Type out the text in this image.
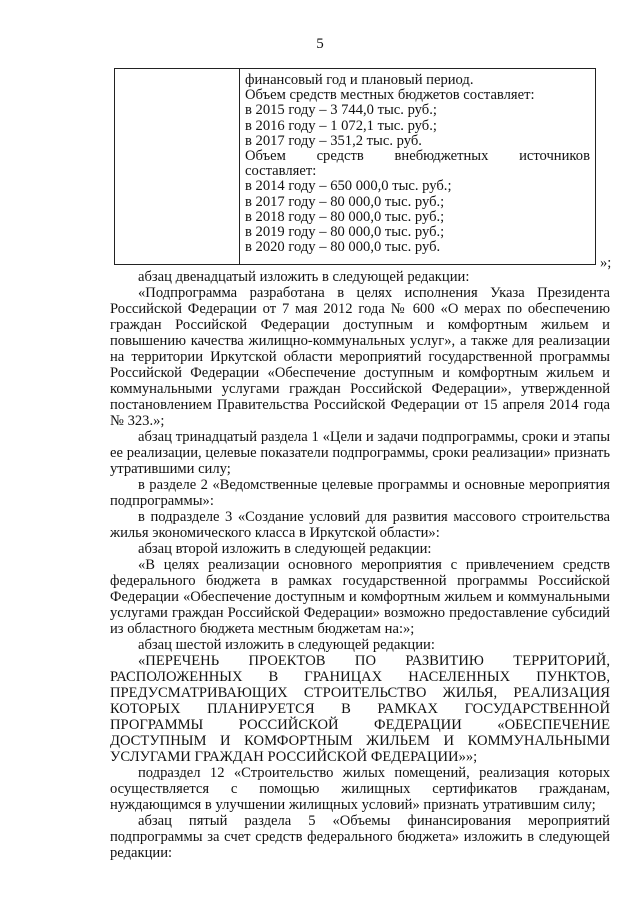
5
финансовый год и плановый период.
Объем средств местных бюджетов составляет:
в 2015 году – 3 744,0 тыс. руб.;
в 2016 году – 1 072,1 тыс. руб.;
в 2017 году – 351,2 тыс. руб.
Объем средств внебюджетных источников
составляет:
в 2014 году – 650 000,0 тыс. руб.;
в 2017 году – 80 000,0 тыс. руб.;
в 2018 году – 80 000,0 тыс. руб.;
в 2019 году – 80 000,0 тыс. руб.;
в 2020 году – 80 000,0 тыс. руб.
»;

абзац двенадцатый изложить в следующей редакции:

«Подпрограмма разработана в целях исполнения Указа Президента Российской Федерации от 7 мая 2012 года № 600 «О мерах по обеспечению граждан Российской Федерации доступным и комфортным жильем и повышению качества жилищно-коммунальных услуг», а также для реализации на территории Иркутской области мероприятий государственной программы Российской Федерации «Обеспечение доступным и комфортным жильем и коммунальными услугами граждан Российской Федерации», утвержденной постановлением Правительства Российской Федерации от 15 апреля 2014 года № 323.»;

абзац тринадцатый раздела 1 «Цели и задачи подпрограммы, сроки и этапы ее реализации, целевые показатели подпрограммы, сроки реализации» признать утратившими силу;

в разделе 2 «Ведомственные целевые программы и основные мероприятия подпрограммы»:

в подразделе 3 «Создание условий для развития массового строительства жилья экономического класса в Иркутской области»:

абзац второй изложить в следующей редакции:

«В целях реализации основного мероприятия с привлечением средств федерального бюджета в рамках государственной программы Российской Федерации «Обеспечение доступным и комфортным жильем и коммунальными услугами граждан Российской Федерации» возможно предоставление субсидий из областного бюджета местным бюджетам на:»;

абзац шестой изложить в следующей редакции:

«ПЕРЕЧЕНЬ ПРОЕКТОВ ПО РАЗВИТИЮ ТЕРРИТОРИЙ,

РАСПОЛОЖЕННЫХ В ГРАНИЦАХ НАСЕЛЕННЫХ ПУНКТОВ,

ПРЕДУСМАТРИВАЮЩИХ СТРОИТЕЛЬСТВО ЖИЛЬЯ, РЕАЛИЗАЦИЯ

КОТОРЫХ ПЛАНИРУЕТСЯ В РАМКАХ ГОСУДАРСТВЕННОЙ

ПРОГРАММЫ РОССИЙСКОЙ ФЕДЕРАЦИИ «ОБЕСПЕЧЕНИЕ

ДОСТУПНЫМ И КОМФОРТНЫМ ЖИЛЬЕМ И КОММУНАЛЬНЫМИ

УСЛУГАМИ ГРАЖДАН РОССИЙСКОЙ ФЕДЕРАЦИИ»»;

подраздел 12 «Строительство жилых помещений, реализация которых осуществляется с помощью жилищных сертификатов гражданам, нуждающимся в улучшении жилищных условий» признать утратившим силу;

абзац пятый раздела 5 «Объемы финансирования мероприятий подпрограммы за счет средств федерального бюджета» изложить в следующей редакции:
